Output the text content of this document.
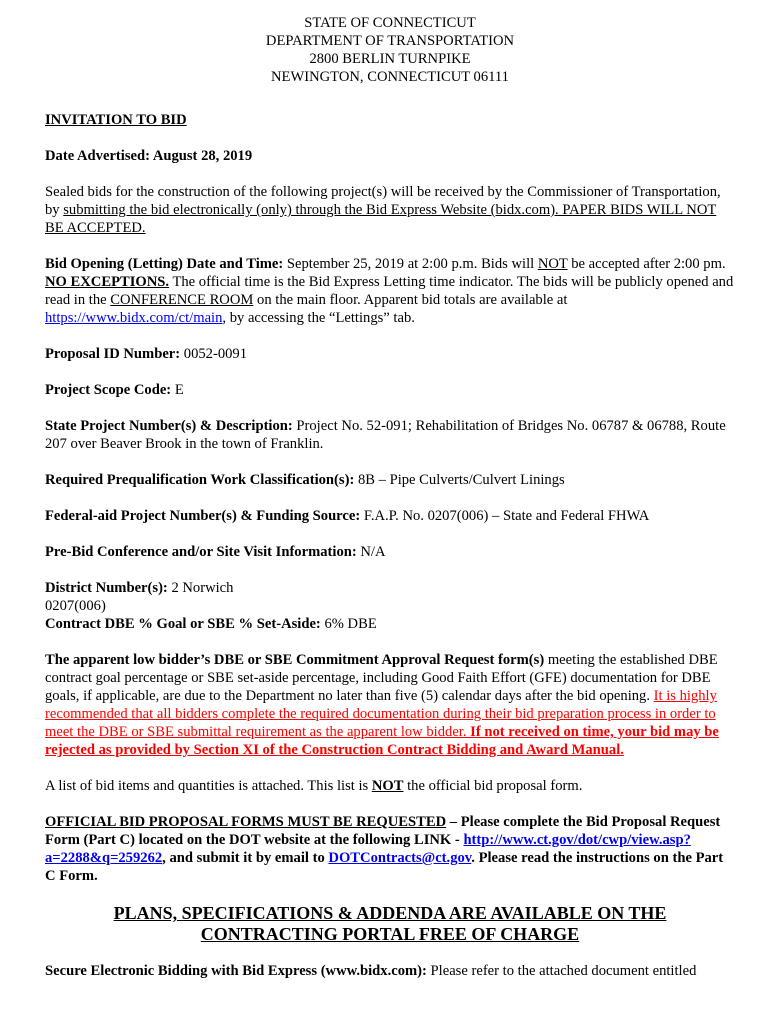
STATE OF CONNECTICUT
DEPARTMENT OF TRANSPORTATION
2800 BERLIN TURNPIKE
NEWINGTON, CONNECTICUT 06111

INVITATION TO BID

Date Advertised: August 28, 2019

Sealed bids for the construction of the following project(s) will be received by the Commissioner of Transportation, by submitting the bid electronically (only) through the Bid Express Website (bidx.com). PAPER BIDS WILL NOT BE ACCEPTED.

Bid Opening (Letting) Date and Time: September 25, 2019 at 2:00 p.m. Bids will NOT be accepted after 2:00 pm. NO EXCEPTIONS. The official time is the Bid Express Letting time indicator. The bids will be publicly opened and read in the CONFERENCE ROOM on the main floor. Apparent bid totals are available at https://www.bidx.com/ct/main, by accessing the “Lettings” tab.

Proposal ID Number: 0052-0091

Project Scope Code: E

State Project Number(s) & Description: Project No. 52-091; Rehabilitation of Bridges No. 06787 & 06788, Route 207 over Beaver Brook in the town of Franklin.

Required Prequalification Work Classification(s): 8B – Pipe Culverts/Culvert Linings

Federal-aid Project Number(s) & Funding Source: F.A.P. No. 0207(006) – State and Federal FHWA

Pre-Bid Conference and/or Site Visit Information: N/A

District Number(s): 2 Norwich

0207(006)

Contract DBE % Goal or SBE % Set-Aside: 6% DBE

The apparent low bidder’s DBE or SBE Commitment Approval Request form(s) meeting the established DBE contract goal percentage or SBE set-aside percentage, including Good Faith Effort (GFE) documentation for DBE goals, if applicable, are due to the Department no later than five (5) calendar days after the bid opening. It is highly recommended that all bidders complete the required documentation during their bid preparation process in order to meet the DBE or SBE submittal requirement as the apparent low bidder. If not received on time, your bid may be rejected as provided by Section XI of the Construction Contract Bidding and Award Manual.

A list of bid items and quantities is attached. This list is NOT the official bid proposal form.

OFFICIAL BID PROPOSAL FORMS MUST BE REQUESTED – Please complete the Bid Proposal Request Form (Part C) located on the DOT website at the following LINK - http://www.ct.gov/dot/cwp/view.asp?a=2288&q=259262, and submit it by email to DOTContracts@ct.gov. Please read the instructions on the Part C Form.

PLANS, SPECIFICATIONS & ADDENDA ARE AVAILABLE ON THE
CONTRACTING PORTAL FREE OF CHARGE

Secure Electronic Bidding with Bid Express (www.bidx.com): Please refer to the attached document entitled
